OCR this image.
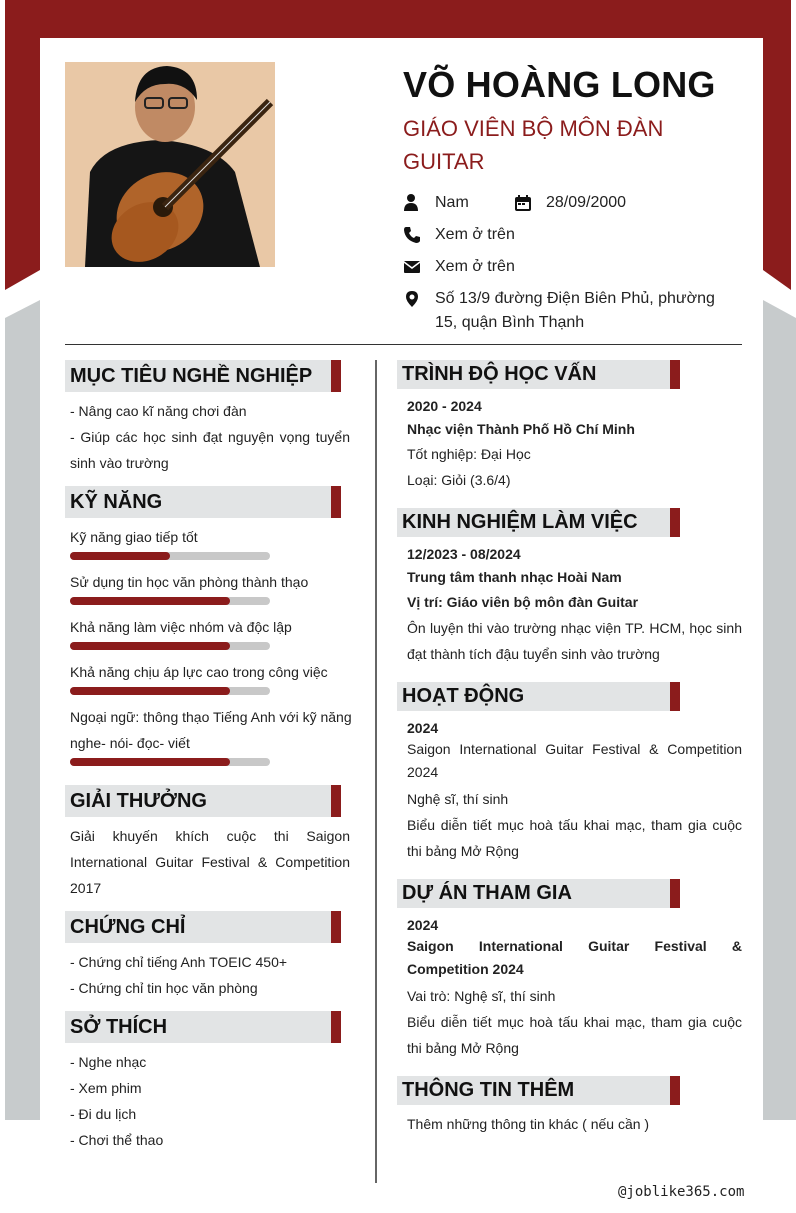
VÕ HOÀNG LONG
GIÁO VIÊN BỘ MÔN ĐÀN GUITAR
Nam	28/09/2000
Xem ở trên
Xem ở trên
Số 13/9 đường Điện Biên Phủ, phường 15, quận Bình Thạnh
MỤC TIÊU NGHỀ NGHIỆP
- Nâng cao kĩ năng chơi đàn
- Giúp các học sinh đạt nguyện vọng tuyển sinh vào trường
KỸ NĂNG
Kỹ năng giao tiếp tốt
Sử dụng tin học văn phòng thành thạo
Khả năng làm việc nhóm và độc lập
Khả năng chịu áp lực cao trong công việc
Ngoại ngữ: thông thạo Tiếng Anh với kỹ năng nghe- nói- đọc- viết
GIẢI THƯỞNG
Giải khuyến khích cuộc thi Saigon International Guitar Festival & Competition 2017
CHỨNG CHỈ
- Chứng chỉ tiếng Anh TOEIC 450+
- Chứng chỉ tin học văn phòng
SỞ THÍCH
- Nghe nhạc
- Xem phim
- Đi du lịch
- Chơi thể thao
TRÌNH ĐỘ HỌC VẤN
2020 - 2024
Nhạc viện Thành Phố Hồ Chí Minh
Tốt nghiệp: Đại Học
Loại: Giỏi (3.6/4)
KINH NGHIỆM LÀM VIỆC
12/2023 - 08/2024
Trung tâm thanh nhạc Hoài Nam
Vị trí: Giáo viên bộ môn đàn Guitar
Ôn luyện thi vào trường nhạc viện TP. HCM, học sinh đạt thành tích đậu tuyển sinh vào trường
HOẠT ĐỘNG
2024
Saigon International Guitar Festival & Competition 2024
Nghệ sĩ, thí sinh
Biểu diễn tiết mục hoà tấu khai mạc, tham gia cuộc thi bảng Mở Rộng
DỰ ÁN THAM GIA
2024
Saigon International Guitar Festival & Competition 2024
Vai trò: Nghệ sĩ, thí sinh
Biểu diễn tiết mục hoà tấu khai mạc, tham gia cuộc thi bảng Mở Rộng
THÔNG TIN THÊM
Thêm những thông tin khác ( nếu cần )
@joblike365.com
